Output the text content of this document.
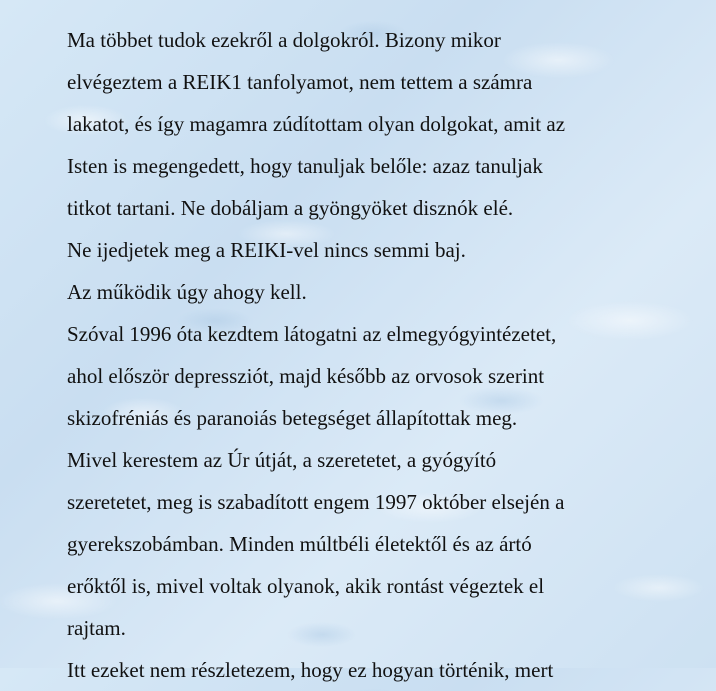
Ma többet tudok ezekről a dolgokról. Bizony mikor

elvégeztem a REIK1 tanfolyamot, nem tettem a számra

lakatot, és így magamra zúdítottam olyan dolgokat, amit az

Isten is megengedett, hogy tanuljak belőle: azaz tanuljak

titkot tartani. Ne dobáljam a gyöngyöket disznók elé.

Ne ijedjetek meg a REIKI-vel nincs semmi baj.

Az működik úgy ahogy kell.

Szóval 1996 óta kezdtem látogatni az elmegyógyintézetet,

ahol először depressziót, majd később az orvosok szerint

skizofréniás és paranoiás betegséget állapítottak meg.

Mivel kerestem az Úr útját, a szeretetet, a gyógyító

szeretetet, meg is szabadított engem 1997 október elsején a

gyerekszobámban. Minden múltbéli életektől és az ártó

erőktől is, mivel voltak olyanok, akik rontást végeztek el

rajtam.

Itt ezeket nem részletezem, hogy ez hogyan történik, mert
